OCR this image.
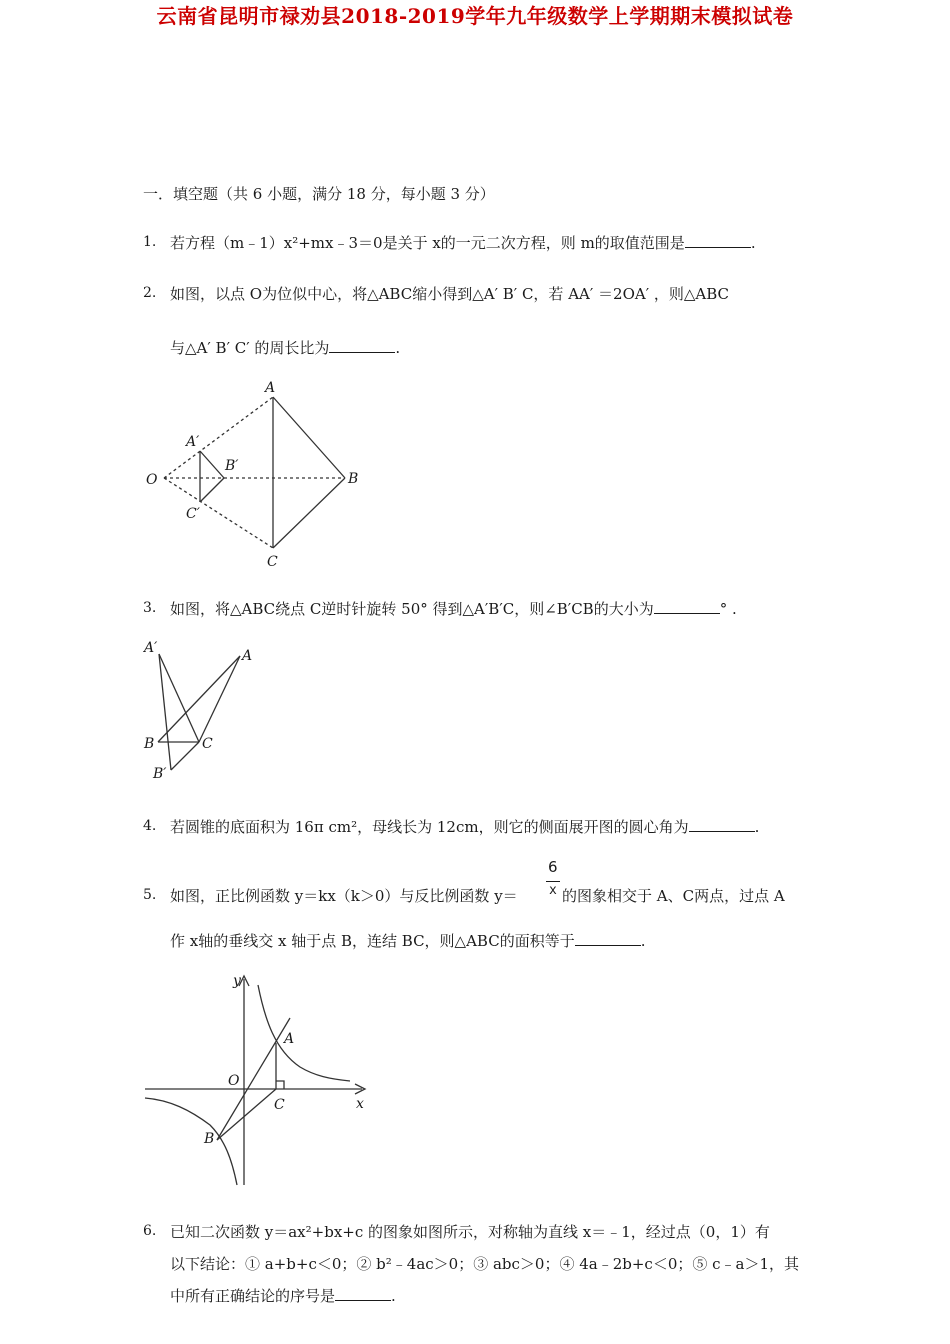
云南省昆明市禄劝县2018-2019学年九年级数学上学期期末模拟试卷
一．填空题（共 6 小题，满分 18 分，每小题 3 分）
1. 若方程（m﹣1）x²+mx﹣3＝0是关于 x的一元二次方程，则 m的取值范围是	.
2. 如图，以点 O为位似中心，将△ABC缩小得到△A′ B′ C，若 AA′ ＝2OA′ ，则△ABC
与△A′ B′ C′ 的周长比为	.
A
B
C
O
A′
B′
C′
3. 如图，将△ABC绕点 C逆时针旋转 50° 得到△A′B′C，则∠B′CB的大小为	° .
A′	A
B	C
B′
4. 若圆锥的底面积为 16π cm²，母线长为 12cm，则它的侧面展开图的圆心角为	.
5. 如图，正比例函数 y＝kx（k＞0）与反比例函数 y＝
6
x 的图象相交于 A、C两点，过点 A
作 x轴的垂线交 x 轴于点 B，连结 BC，则△ABC的面积等于	.
y
x
O
A
B
C
6. 已知二次函数 y＝ax²+bx+c 的图象如图所示，对称轴为直线 x＝﹣1，经过点（0，1）有
以下结论：① a+b+c＜0；② b²﹣4ac＞0；③ abc＞0；④ 4a﹣2b+c＜0；⑤ c﹣a＞1，其
中所有正确结论的序号是	.
